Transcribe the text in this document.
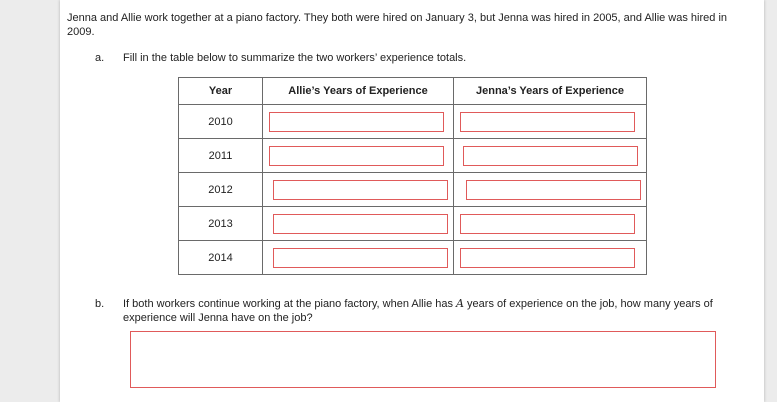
Jenna and Allie work together at a piano factory. They both were hired on January 3, but Jenna was hired in 2005, and Allie was hired in 2009.
a. Fill in the table below to summarize the two workers’ experience totals.
Year	Allie’s Years of Experience	Jenna’s Years of Experience
2010	

2011	

2012	

2013	

2014	

b.	If both workers continue working at the piano factory, when Allie has A years of experience on the job, how many years of experience will Jenna have on the job?
